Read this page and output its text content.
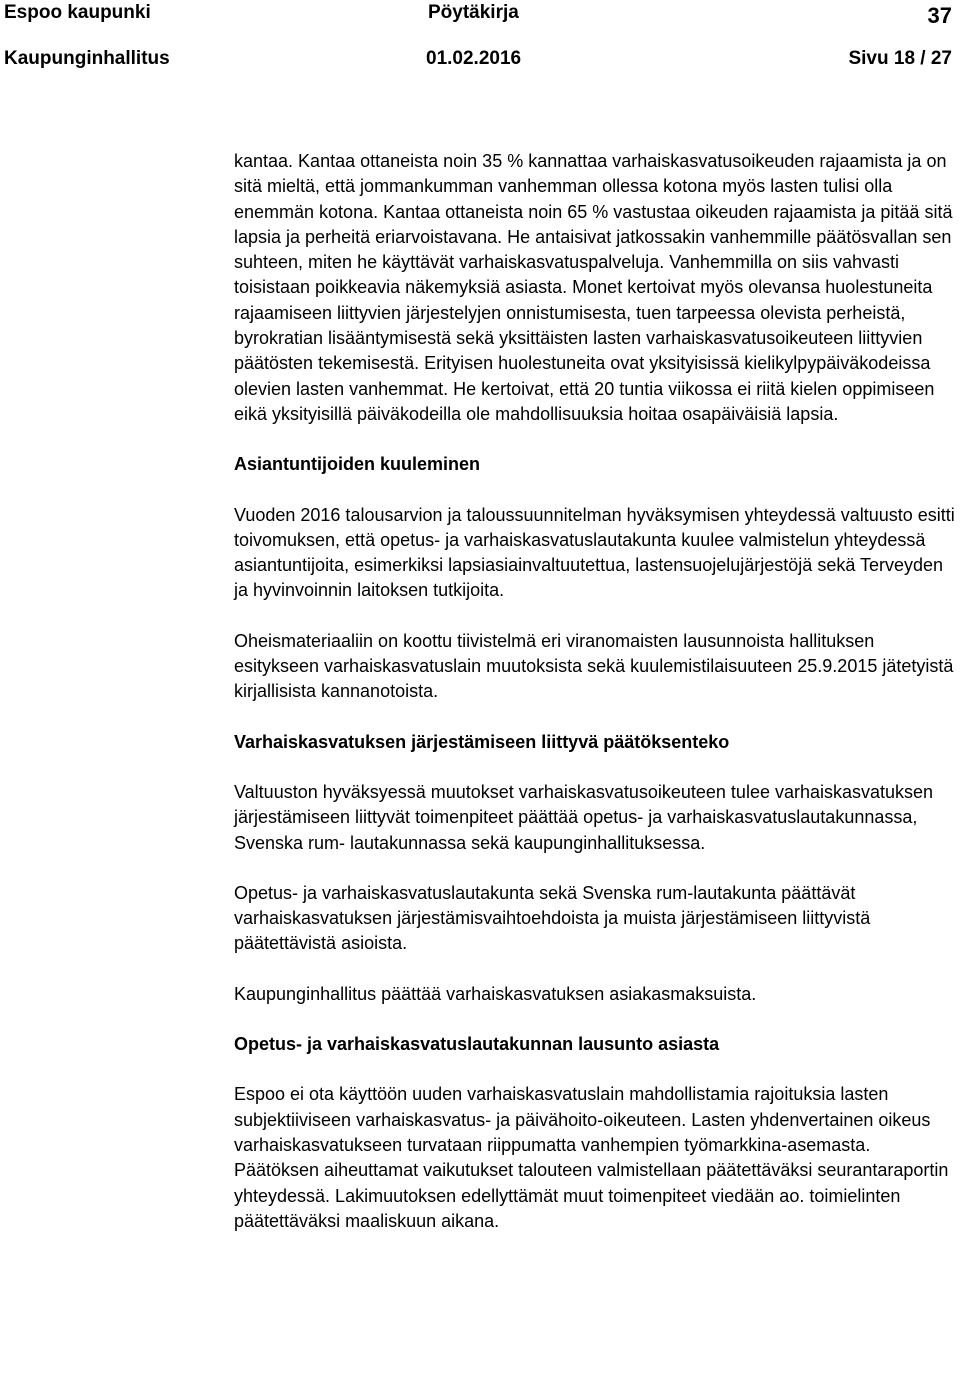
Espoo kaupunki	Pöytäkirja	37
Kaupunginhallitus	01.02.2016	Sivu 18 / 27

kantaa. Kantaa ottaneista noin 35 % kannattaa varhaiskasvatusoikeuden rajaamista ja on sitä mieltä, että jommankumman vanhemman ollessa kotona myös lasten tulisi olla enemmän kotona. Kantaa ottaneista noin 65 % vastustaa oikeuden rajaamista ja pitää sitä lapsia ja perheitä eriarvoistavana. He antaisivat jatkossakin vanhemmille päätösvallan sen suhteen, miten he käyttävät varhaiskasvatuspalveluja. Vanhemmilla on siis vahvasti toisistaan poikkeavia näkemyksiä asiasta. Monet kertoivat myös olevansa huolestuneita rajaamiseen liittyvien järjestelyjen onnistumisesta, tuen tarpeessa olevista perheistä, byrokratian lisääntymisestä sekä yksittäisten lasten varhaiskasvatusoikeuteen liittyvien päätösten tekemisestä. Erityisen huolestuneita ovat yksityisissä kielikylpypäiväkodeissa olevien lasten vanhemmat. He kertoivat, että 20 tuntia viikossa ei riitä kielen oppimiseen eikä yksityisillä päiväkodeilla ole mahdollisuuksia hoitaa osapäiväisiä lapsia.

Asiantuntijoiden kuuleminen

Vuoden 2016 talousarvion ja taloussuunnitelman hyväksymisen yhteydessä valtuusto esitti toivomuksen, että opetus- ja varhaiskasvatuslautakunta kuulee valmistelun yhteydessä asiantuntijoita, esimerkiksi lapsiasiainvaltuutettua, lastensuojelujärjestöjä sekä Terveyden ja hyvinvoinnin laitoksen tutkijoita.

Oheismateriaaliin on koottu tiivistelmä eri viranomaisten lausunnoista hallituksen esitykseen varhaiskasvatuslain muutoksista sekä kuulemistilaisuuteen 25.9.2015 jätetyistä kirjallisista kannanotoista.

Varhaiskasvatuksen järjestämiseen liittyvä päätöksenteko

Valtuuston hyväksyessä muutokset varhaiskasvatusoikeuteen tulee varhaiskasvatuksen järjestämiseen liittyvät toimenpiteet päättää opetus- ja varhaiskasvatuslautakunnassa, Svenska rum- lautakunnassa sekä kaupunginhallituksessa.

Opetus- ja varhaiskasvatuslautakunta sekä Svenska rum-lautakunta päättävät varhaiskasvatuksen järjestämisvaihtoehdoista ja muista järjestämiseen liittyvistä päätettävistä asioista.

Kaupunginhallitus päättää varhaiskasvatuksen asiakasmaksuista.

Opetus- ja varhaiskasvatuslautakunnan lausunto asiasta

Espoo ei ota käyttöön uuden varhaiskasvatuslain mahdollistamia rajoituksia lasten subjektiiviseen varhaiskasvatus- ja päivähoito-oikeuteen. Lasten yhdenvertainen oikeus varhaiskasvatukseen turvataan riippumatta vanhempien työmarkkina-asemasta. Päätöksen aiheuttamat vaikutukset talouteen valmistellaan päätettäväksi seurantaraportin yhteydessä. Lakimuutoksen edellyttämät muut toimenpiteet viedään ao. toimielinten päätettäväksi maaliskuun aikana.
